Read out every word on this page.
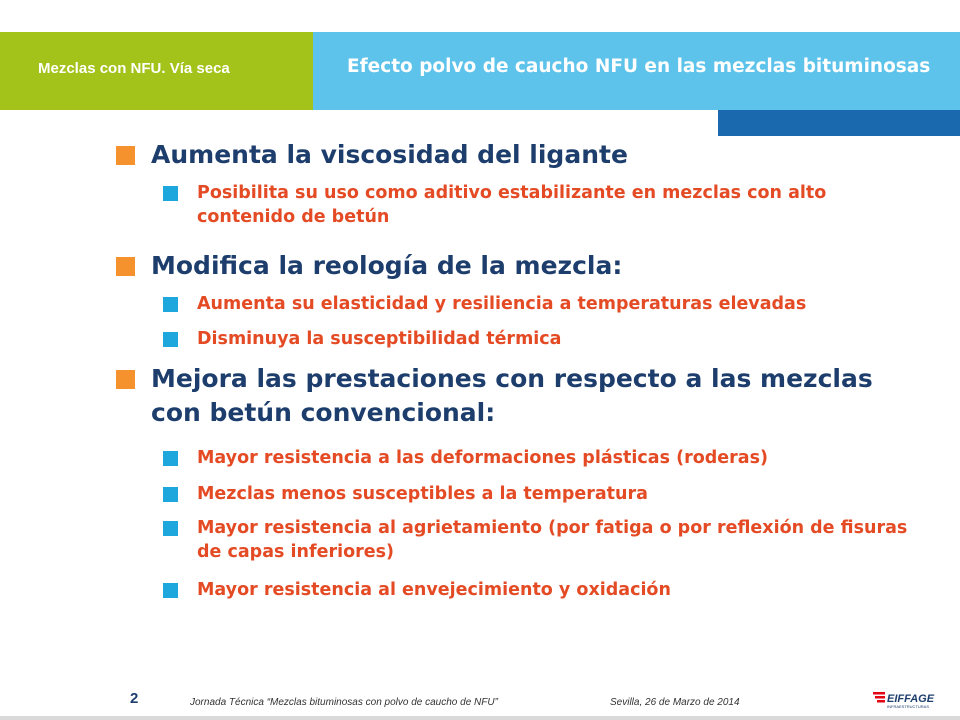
Mezclas con NFU. Vía seca	Efecto polvo de caucho NFU en las mezclas bituminosas
Aumenta la viscosidad del ligante
Posibilita su uso como aditivo estabilizante en mezclas con alto contenido de betún
Modifica la reología de la mezcla:
Aumenta su elasticidad y resiliencia a temperaturas elevadas
Disminuya la susceptibilidad térmica
Mejora las prestaciones con respecto a las mezclas con betún convencional:
Mayor resistencia a las deformaciones plásticas (roderas)
Mezclas menos susceptibles a la temperatura
Mayor resistencia al agrietamiento (por fatiga o por reflexión de fisuras de capas inferiores)
Mayor resistencia al envejecimiento y oxidación
2	Jornada Técnica “Mezclas bituminosas con polvo de caucho de NFU”	Sevilla, 26 de Marzo de 2014	EIFFAGE
INFRAESTRUCTURAS
